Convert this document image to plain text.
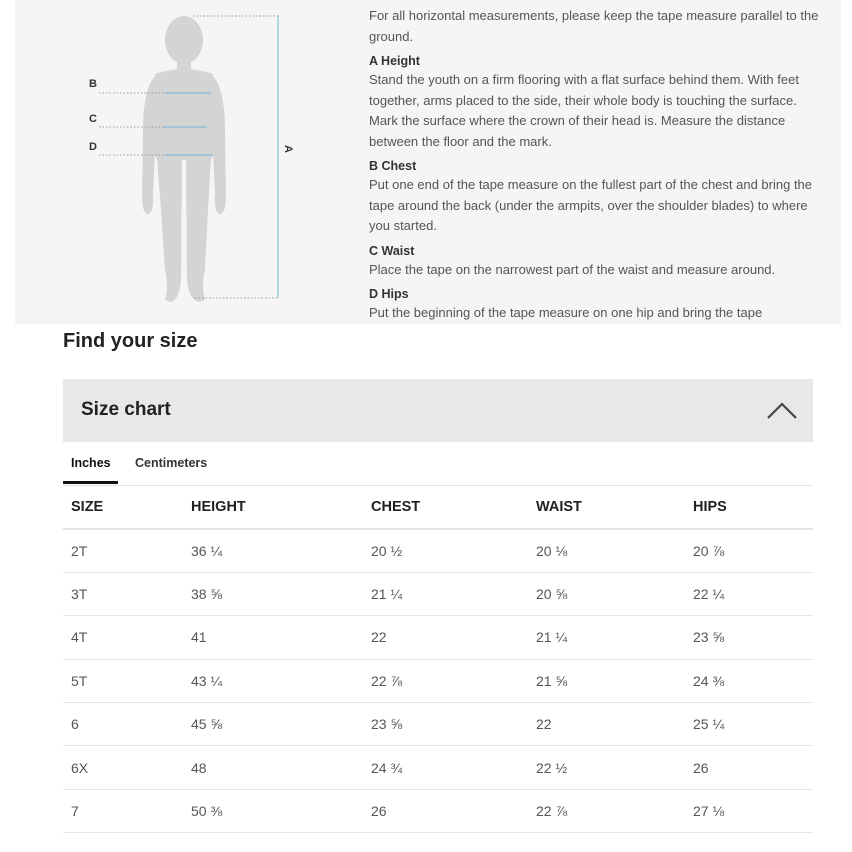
B
C
D	A

For all horizontal measurements, please keep the tape measure parallel to the ground.

A Height

Stand the youth on a firm flooring with a flat surface behind them. With feet together, arms placed to the side, their whole body is touching the surface. Mark the surface where the crown of their head is. Measure the distance between the floor and the mark.

B Chest

Put one end of the tape measure on the fullest part of the chest and bring the tape around the back (under the armpits, over the shoulder blades) to where you started.

C Waist

Place the tape on the narrowest part of the waist and measure around.

D Hips

Put the beginning of the tape measure on one hip and bring the tape

Find your size
Size chart
Inches Centimeters
SIZE	HEIGHT	CHEST	WAIST	HIPS
2T	36 ¼	20 ½	20 ⅛	20 ⅞
3T	38 ⅝	21 ¼	20 ⅝	22 ¼
4T	41	22	21 ¼	23 ⅝
5T	43 ¼	22 ⅞	21 ⅝	24 ⅜
6	45 ⅝	23 ⅝	22	25 ¼
6X	48	24 ¾	22 ½	26
7	50 ⅜	26	22 ⅞	27 ⅛
